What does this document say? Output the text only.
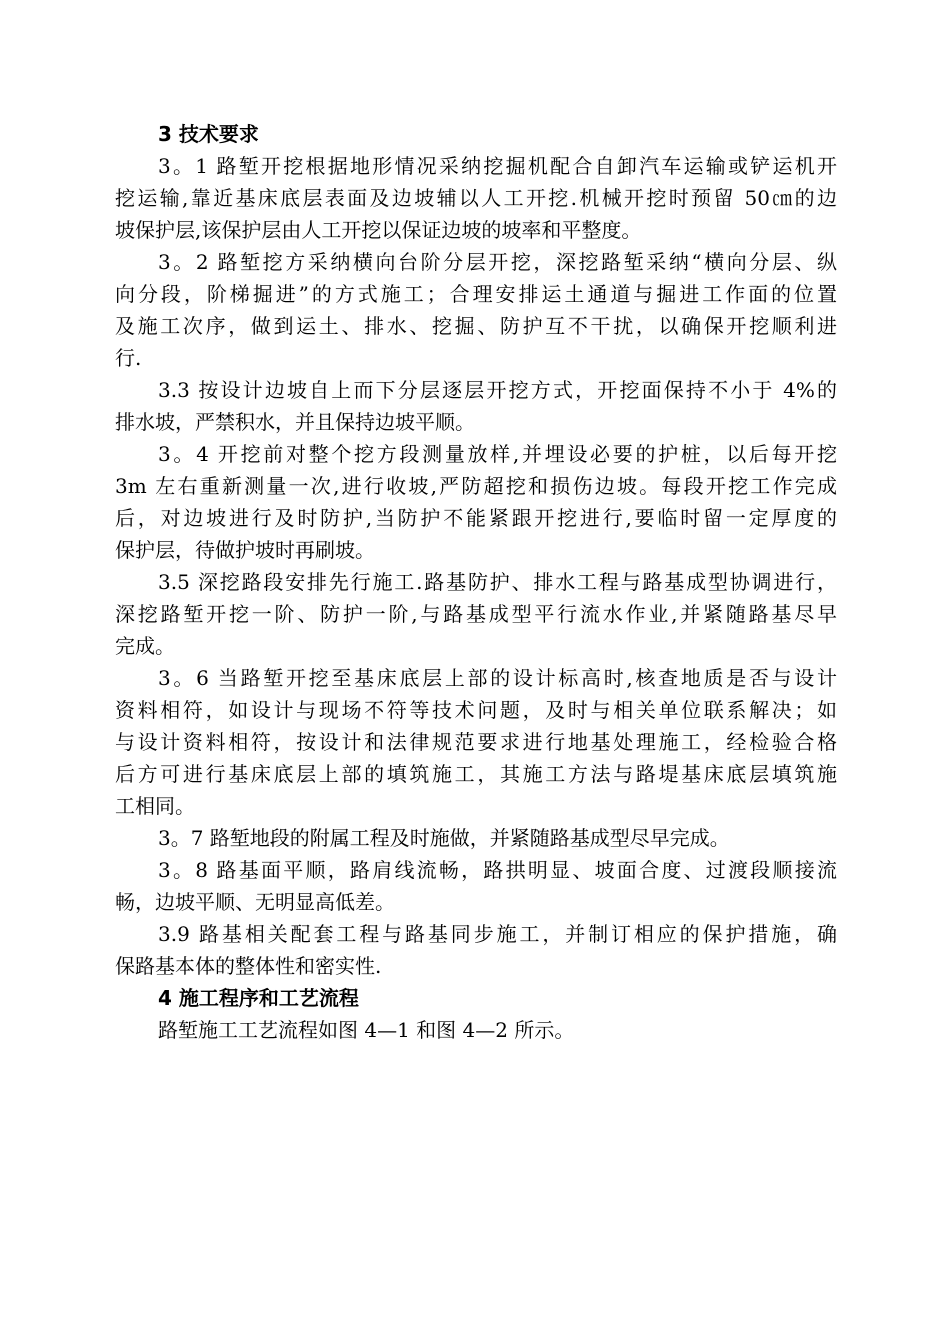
3 技术要求

3。1 路堑开挖根据地形情况采纳挖掘机配合自卸汽车运输或铲运机开
挖运输,靠近基床底层表面及边坡辅以人工开挖.机械开挖时预留 50㎝的边
坡保护层,该保护层由人工开挖以保证边坡的坡率和平整度。

3。2 路堑挖方采纳横向台阶分层开挖，深挖路堑采纳“横向分层、纵
向分段，阶梯掘进”的方式施工；合理安排运土通道与掘进工作面的位置
及施工次序，做到运土、排水、挖掘、防护互不干扰，以确保开挖顺利进
行.

3.3 按设计边坡自上而下分层逐层开挖方式，开挖面保持不小于 4%的
排水坡，严禁积水，并且保持边坡平顺。

3。4 开挖前对整个挖方段测量放样,并埋设必要的护桩，以后每开挖
3m 左右重新测量一次,进行收坡,严防超挖和损伤边坡。每段开挖工作完成
后，对边坡进行及时防护,当防护不能紧跟开挖进行,要临时留一定厚度的
保护层，待做护坡时再刷坡。

3.5 深挖路段安排先行施工.路基防护、排水工程与路基成型协调进行，
深挖路堑开挖一阶、防护一阶,与路基成型平行流水作业,并紧随路基尽早
完成。

3。6 当路堑开挖至基床底层上部的设计标高时,核查地质是否与设计
资料相符，如设计与现场不符等技术问题，及时与相关单位联系解决；如
与设计资料相符，按设计和法律规范要求进行地基处理施工，经检验合格
后方可进行基床底层上部的填筑施工，其施工方法与路堤基床底层填筑施
工相同。

3。7 路堑地段的附属工程及时施做，并紧随路基成型尽早完成。

3。8 路基面平顺，路肩线流畅，路拱明显、坡面合度、过渡段顺接流
畅，边坡平顺、无明显高低差。

3.9 路基相关配套工程与路基同步施工，并制订相应的保护措施，确
保路基本体的整体性和密实性.

4 施工程序和工艺流程

路堑施工工艺流程如图 4—1 和图 4—2 所示。
